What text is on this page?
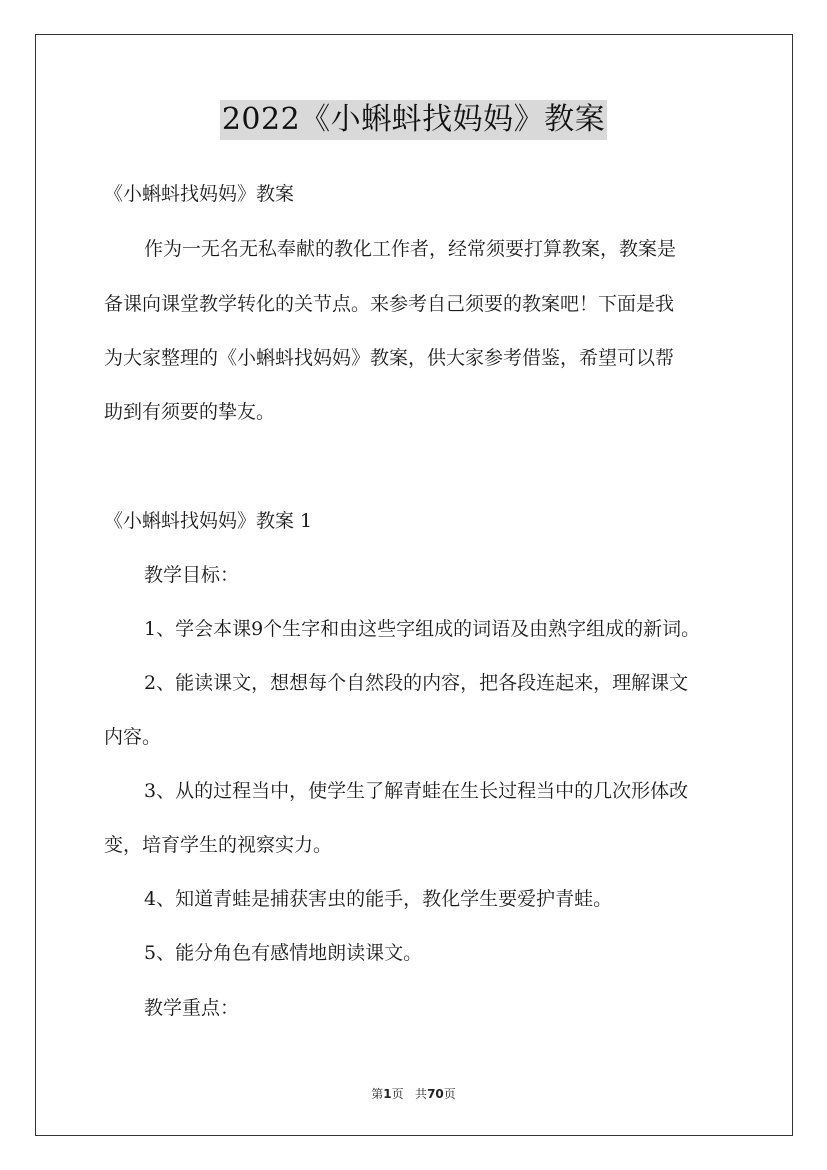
2022《小蝌蚪找妈妈》教案
《小蝌蚪找妈妈》教案
作为一无名无私奉献的教化工作者，经常须要打算教案，教案是
备课向课堂教学转化的关节点。来参考自己须要的教案吧！下面是我
为大家整理的《小蝌蚪找妈妈》教案，供大家参考借鉴，希望可以帮
助到有须要的挚友。
《小蝌蚪找妈妈》教案 1
教学目标：
1、学会本课9个生字和由这些字组成的词语及由熟字组成的新词。
2、能读课文，想想每个自然段的内容，把各段连起来，理解课文
内容。
3、从的过程当中，使学生了解青蛙在生长过程当中的几次形体改
变，培育学生的视察实力。
4、知道青蛙是捕获害虫的能手，教化学生要爱护青蛙。
5、能分角色有感情地朗读课文。
教学重点：
第1页 共70页
